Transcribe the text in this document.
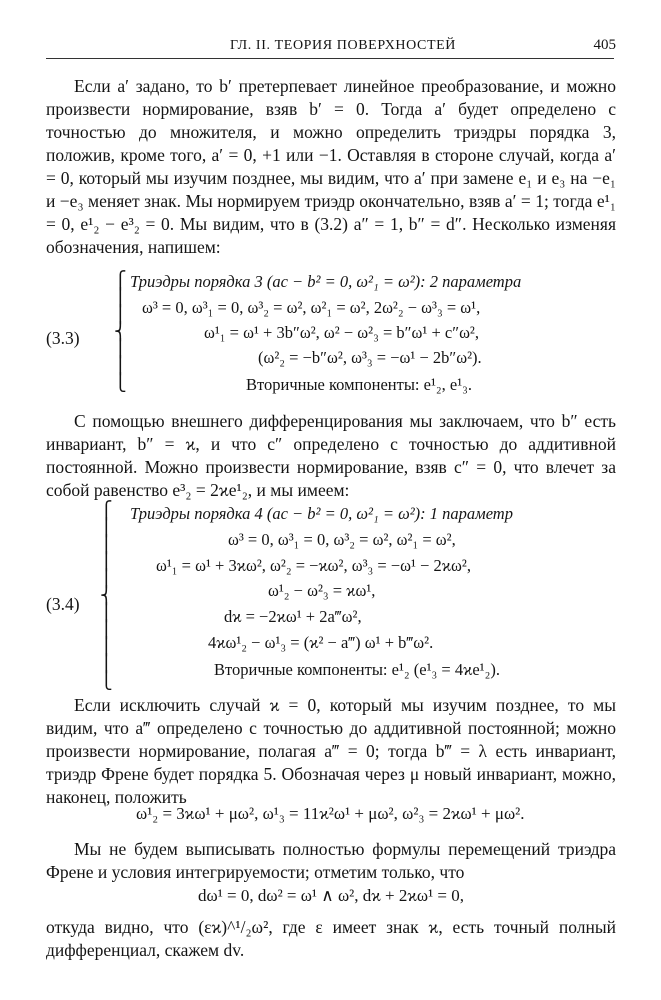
ГЛ. II. ТЕОРИЯ ПОВЕРХНОСТЕЙ	405

Если a′ задано, то b′ претерпевает линейное преобразование, и можно произвести нормирование, взяв b′ = 0. Тогда a′ будет определено с точностью до множителя, и можно определить триэдры порядка 3, положив, кроме того, a′ = 0, +1 или −1. Оставляя в стороне случай, когда a′ = 0, который мы изучим позднее, мы видим, что a′ при замене e₁ и e₃ на −e₁ и −e₃ меняет знак. Мы нормируем триэдр окончательно, взяв a′ = 1; тогда e¹₁ = 0, e¹₂ − e³₂ = 0. Мы видим, что в (3.2) a″ = 1, b″ = d″. Несколько изменяя обозначения, напишем:

(3.3)
⎧
⎪
⎪
⎨
⎪
⎪
⎩
Триэдры порядка 3 (ac − b² = 0, ω²₁ = ω²): 2 параметра
ω³ = 0, ω³₁ = 0, ω³₂ = ω², ω²₁ = ω², 2ω²₂ − ω³₃ = ω¹,
ω¹₁ = ω¹ + 3b″ω², ω² − ω²₃ = b″ω¹ + c″ω²,
(ω²₂ = −b″ω², ω³₃ = −ω¹ − 2b″ω²).
Вторичные компоненты: e¹₂, e¹₃.

С помощью внешнего дифференцирования мы заключаем, что b″ есть инвариант, b″ = ϰ, и что c″ определено с точностью до аддитивной постоянной. Можно произвести нормирование, взяв c″ = 0, что влечет за собой равенство e³₂ = 2ϰe¹₂, и мы имеем:

(3.4)
⎧
⎪
⎪
⎪
⎪
⎨
⎪
⎪
⎪
⎪
⎩
Триэдры порядка 4 (ac − b² = 0, ω²₁ = ω²): 1 параметр
ω³ = 0, ω³₁ = 0, ω³₂ = ω², ω²₁ = ω²,
ω¹₁ = ω¹ + 3ϰω², ω²₂ = −ϰω², ω³₃ = −ω¹ − 2ϰω²,
ω¹₂ − ω²₃ = ϰω¹,
dϰ = −2ϰω¹ + 2a‴ω²,
4ϰω¹₂ − ω¹₃ = (ϰ² − a‴) ω¹ + b‴ω².
Вторичные компоненты: e¹₂ (e¹₃ = 4ϰe¹₂).

Если исключить случай ϰ = 0, который мы изучим позднее, то мы видим, что a‴ определено с точностью до аддитивной постоянной; можно произвести нормирование, полагая a‴ = 0; тогда b‴ = λ есть инвариант, триэдр Френе будет порядка 5. Обозначая через μ новый инвариант, можно, наконец, положить

ω¹₂ = 3ϰω¹ + μω², ω¹₃ = 11ϰ²ω¹ + μω², ω²₃ = 2ϰω¹ + μω².

Мы не будем выписывать полностью формулы перемещений триэдра Френе и условия интегрируемости; отметим только, что

dω¹ = 0, dω² = ω¹ ∧ ω², dϰ + 2ϰω¹ = 0,

откуда видно, что (εϰ)^¹/₂ω², где ε имеет знак ϰ, есть точный полный дифференциал, скажем dv.
